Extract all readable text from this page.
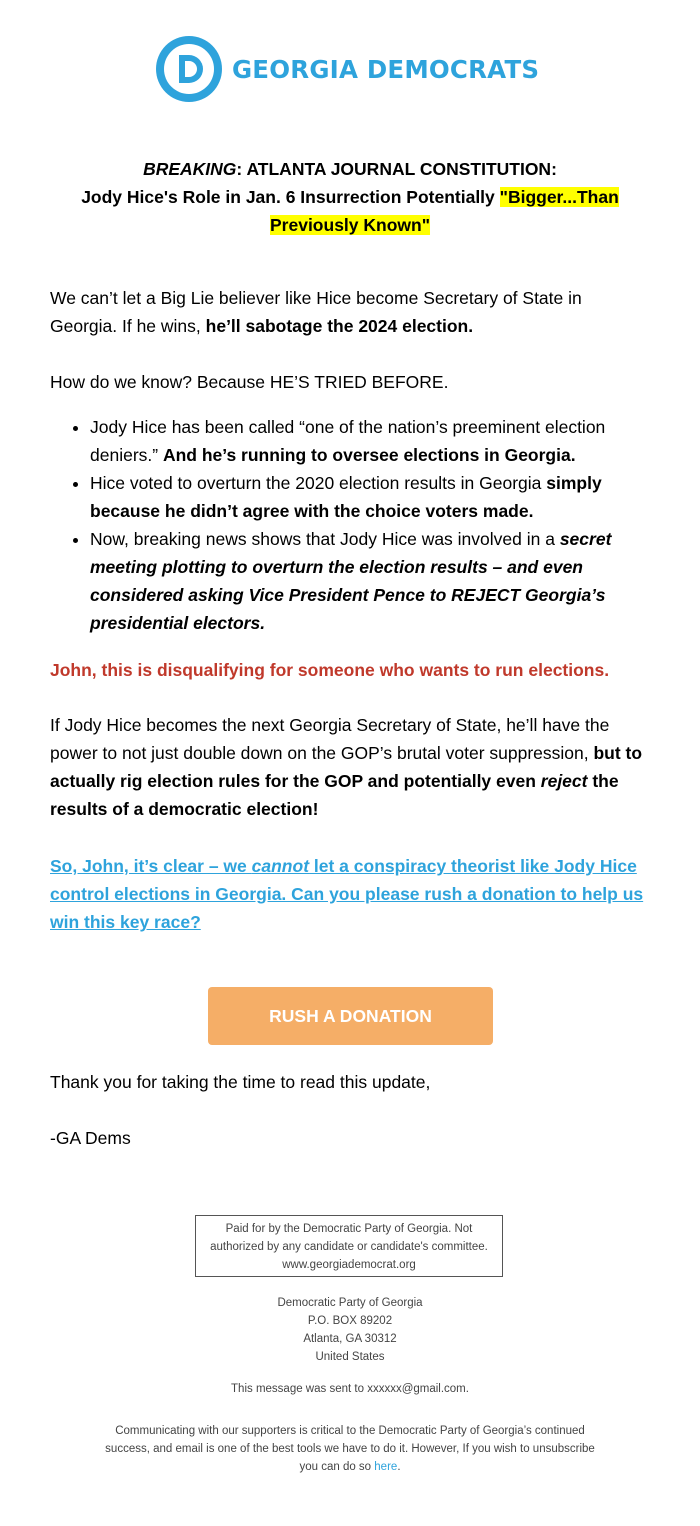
GEORGIA DEMOCRATS
BREAKING: ATLANTA JOURNAL CONSTITUTION:
Jody Hice's Role in Jan. 6 Insurrection Potentially "Bigger...Than Previously Known"
We can’t let a Big Lie believer like Hice become Secretary of State in Georgia. If he wins, he’ll sabotage the 2024 election.
How do we know? Because HE’S TRIED BEFORE.
• Jody Hice has been called “one of the nation’s preeminent election deniers.” And he’s running to oversee elections in Georgia.
• Hice voted to overturn the 2020 election results in Georgia simply because he didn’t agree with the choice voters made.
• Now, breaking news shows that Jody Hice was involved in a secret meeting plotting to overturn the election results – and even considered asking Vice President Pence to REJECT Georgia’s presidential electors.
John, this is disqualifying for someone who wants to run elections.
If Jody Hice becomes the next Georgia Secretary of State, he’ll have the power to not just double down on the GOP’s brutal voter suppression, but to actually rig election rules for the GOP and potentially even reject the results of a democratic election!
So, John, it’s clear – we cannot let a conspiracy theorist like Jody Hice control elections in Georgia. Can you please rush a donation to help us win this key race?
RUSH A DONATION
Thank you for taking the time to read this update,
-GA Dems
Paid for by the Democratic Party of Georgia. Not
authorized by any candidate or candidate's committee.
www.georgiademocrat.org
Democratic Party of Georgia
P.O. BOX 89202
Atlanta, GA 30312
United States
This message was sent to xxxxxx@gmail.com.
Communicating with our supporters is critical to the Democratic Party of Georgia’s continued success, and email is one of the best tools we have to do it. However, If you wish to unsubscribe you can do so here.
